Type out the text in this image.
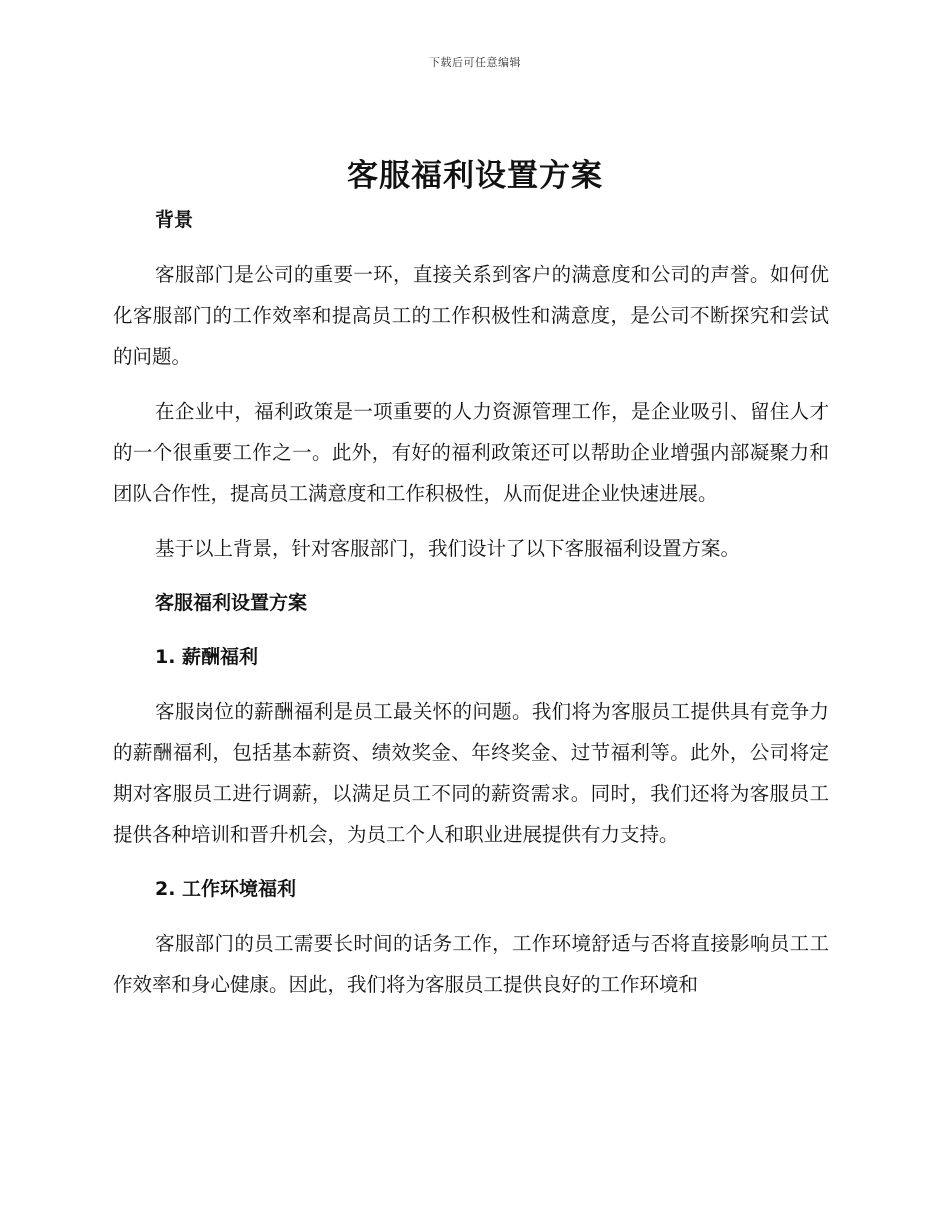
下载后可任意编辑
客服福利设置方案
背景

客服部门是公司的重要一环，直接关系到客户的满意度和公司的声誉。如何优化客服部门的工作效率和提高员工的工作积极性和满意度，是公司不断探究和尝试的问题。

在企业中，福利政策是一项重要的人力资源管理工作，是企业吸引、留住人才的一个很重要工作之一。此外，有好的福利政策还可以帮助企业增强内部凝聚力和团队合作性，提高员工满意度和工作积极性，从而促进企业快速进展。

基于以上背景，针对客服部门，我们设计了以下客服福利设置方案。

客服福利设置方案
1. 薪酬福利

客服岗位的薪酬福利是员工最关怀的问题。我们将为客服员工提供具有竞争力的薪酬福利，包括基本薪资、绩效奖金、年终奖金、过节福利等。此外，公司将定期对客服员工进行调薪，以满足员工不同的薪资需求。同时，我们还将为客服员工提供各种培训和晋升机会，为员工个人和职业进展提供有力支持。

2. 工作环境福利

客服部门的员工需要长时间的话务工作，工作环境舒适与否将直接影响员工工作效率和身心健康。因此，我们将为客服员工提供良好的工作环境和
